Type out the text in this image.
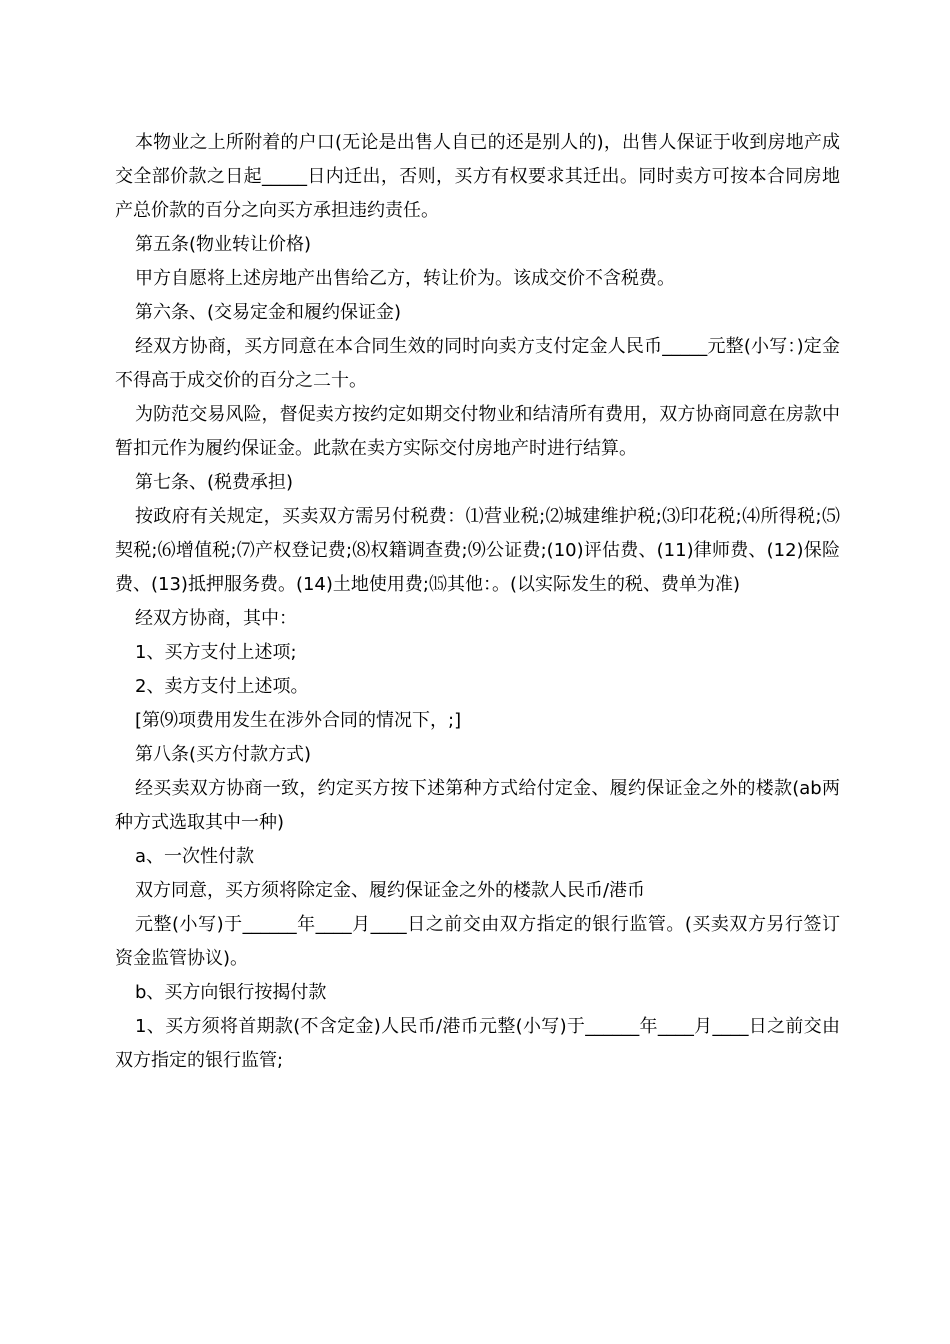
本物业之上所附着的户口(无论是出售人自已的还是别人的)，出售人保证于收到房地产成交全部价款之日起_____日内迁出，否则，买方有权要求其迁出。同时卖方可按本合同房地产总价款的百分之向买方承担违约责任。

第五条(物业转让价格)

甲方自愿将上述房地产出售给乙方，转让价为。该成交价不含税费。

第六条、(交易定金和履约保证金)

经双方协商，买方同意在本合同生效的同时向卖方支付定金人民币_____元整(小写：)定金不得高于成交价的百分之二十。

为防范交易风险，督促卖方按约定如期交付物业和结清所有费用，双方协商同意在房款中暂扣元作为履约保证金。此款在卖方实际交付房地产时进行结算。

第七条、(税费承担)

按政府有关规定，买卖双方需另付税费：⑴营业税;⑵城建维护税;⑶印花税;⑷所得税;⑸契税;⑹增值税;⑺产权登记费;⑻权籍调查费;⑼公证费;(10)评估费、(11)律师费、(12)保险费、(13)抵押服务费。(14)土地使用费;⒂其他：。(以实际发生的税、费单为准)

经双方协商，其中：

1、买方支付上述项;

2、卖方支付上述项。

[第⑼项费用发生在涉外合同的情况下，;]

第八条(买方付款方式)

经买卖双方协商一致，约定买方按下述第种方式给付定金、履约保证金之外的楼款(ab两种方式选取其中一种)

a、一次性付款

双方同意，买方须将除定金、履约保证金之外的楼款人民币/港币

元整(小写)于______年____月____日之前交由双方指定的银行监管。(买卖双方另行签订资金监管协议)。

b、买方向银行按揭付款

1、买方须将首期款(不含定金)人民币/港币元整(小写)于______年____月____日之前交由双方指定的银行监管;
